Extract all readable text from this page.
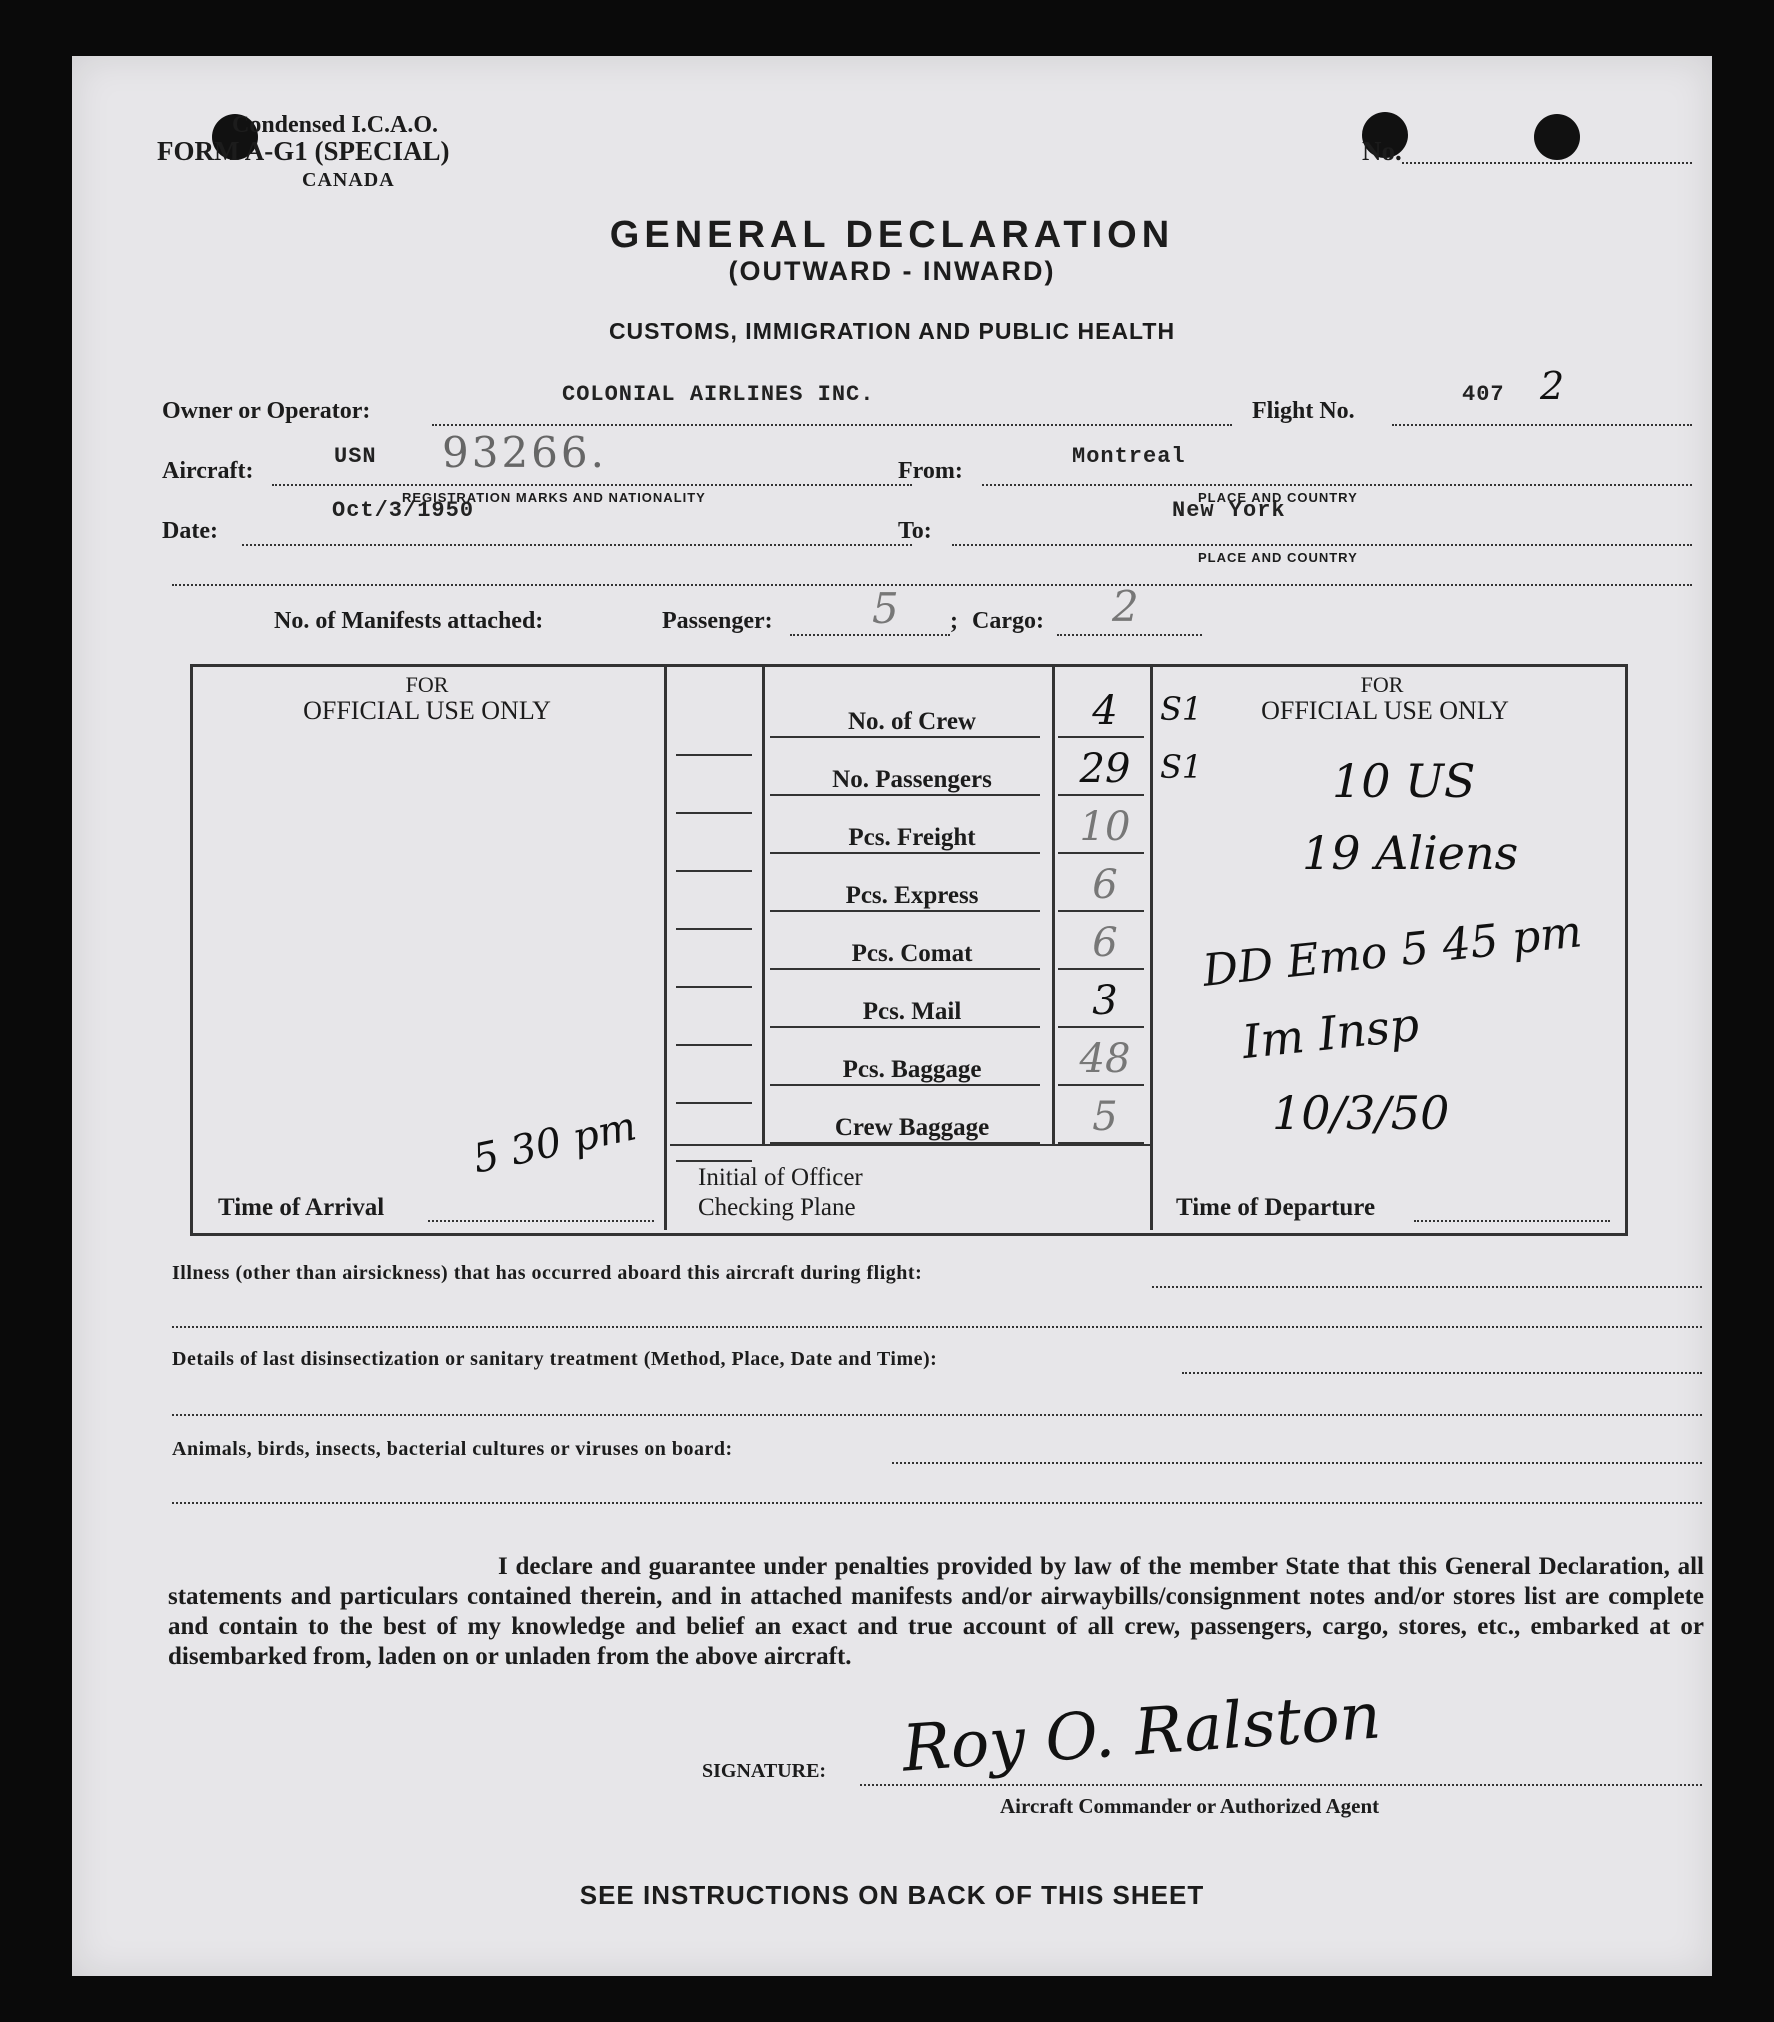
Condensed I.C.A.O.
FORM A-G1 (SPECIAL)
CANADA
No.
GENERAL DECLARATION
(OUTWARD - INWARD)
CUSTOMS, IMMIGRATION AND PUBLIC HEALTH
Owner or Operator:
COLONIAL AIRLINES INC.
Flight No.
407 2
Aircraft:
USN 93266.
REGISTRATION MARKS AND NATIONALITY
From:
Montreal
PLACE AND COUNTRY
Date:
Oct/3/1950
To:
New York
PLACE AND COUNTRY
No. of Manifests attached:	Passenger: 5 ; Cargo: 2
FOR
OFFICIAL USE ONLY
FOR
OFFICIAL USE ONLY
No. of Crew	4	S1
No. Passengers	29 S1
Pcs. Freight	10
Pcs. Express	6
Pcs. Comat	6
Pcs. Mail	3
Pcs. Baggage	48
Crew Baggage	5
Time of Arrival
5 30 pm Initial of Officer
Checking Plane	Time of Departure
10 US
19 Aliens
DD Emo 5 45 pm
Im Insp
10/3/50
Illness (other than airsickness) that has occurred aboard this aircraft during flight:
Details of last disinsectization or sanitary treatment (Method, Place, Date and Time):
Animals, birds, insects, bacterial cultures or viruses on board:
I declare and guarantee under penalties provided by law of the member State that this General Declaration, all statements and particulars contained therein, and in attached manifests and/or airwaybills/consignment notes and/or stores list are complete and contain to the best of my knowledge and belief an exact and true account of all crew, passengers, cargo, stores, etc., embarked at or disembarked from, laden on or unladen from the above aircraft.
SIGNATURE: Roy O. Ralston
Aircraft Commander or Authorized Agent
SEE INSTRUCTIONS ON BACK OF THIS SHEET
